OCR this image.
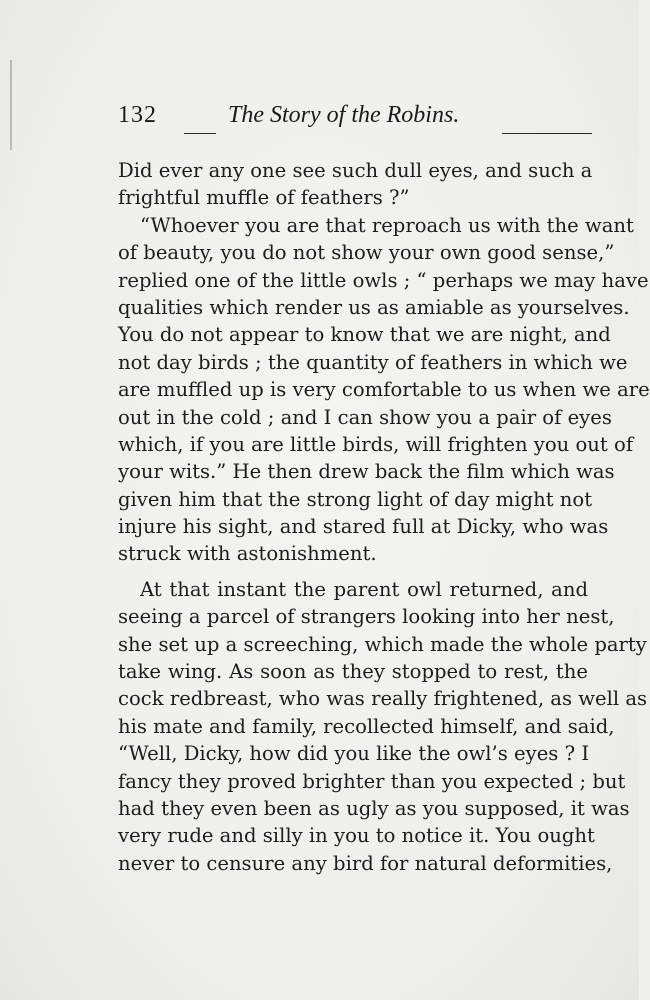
132	The Story of the Robins.
Did ever any one see such dull eyes, and such a
frightful muffle of feathers ?”
“Whoever you are that reproach us with the want
of beauty, you do not show your own good sense,”
replied one of the little owls ; “ perhaps we may have
qualities which render us as amiable as yourselves.
You do not appear to know that we are night, and
not day birds ; the quantity of feathers in which we
are muffled up is very comfortable to us when we are
out in the cold ; and I can show you a pair of eyes
which, if you are little birds, will frighten you out of
your wits.” He then drew back the film which was
given him that the strong light of day might not
injure his sight, and stared full at Dicky, who was
struck with astonishment.
At that instant the parent owl returned, and
seeing a parcel of strangers looking into her nest,
she set up a screeching, which made the whole party
take wing. As soon as they stopped to rest, the
cock redbreast, who was really frightened, as well as
his mate and family, recollected himself, and said,
“Well, Dicky, how did you like the owl’s eyes ? I
fancy they proved brighter than you expected ; but
had they even been as ugly as you supposed, it was
very rude and silly in you to notice it. You ought
never to censure any bird for natural deformities,
